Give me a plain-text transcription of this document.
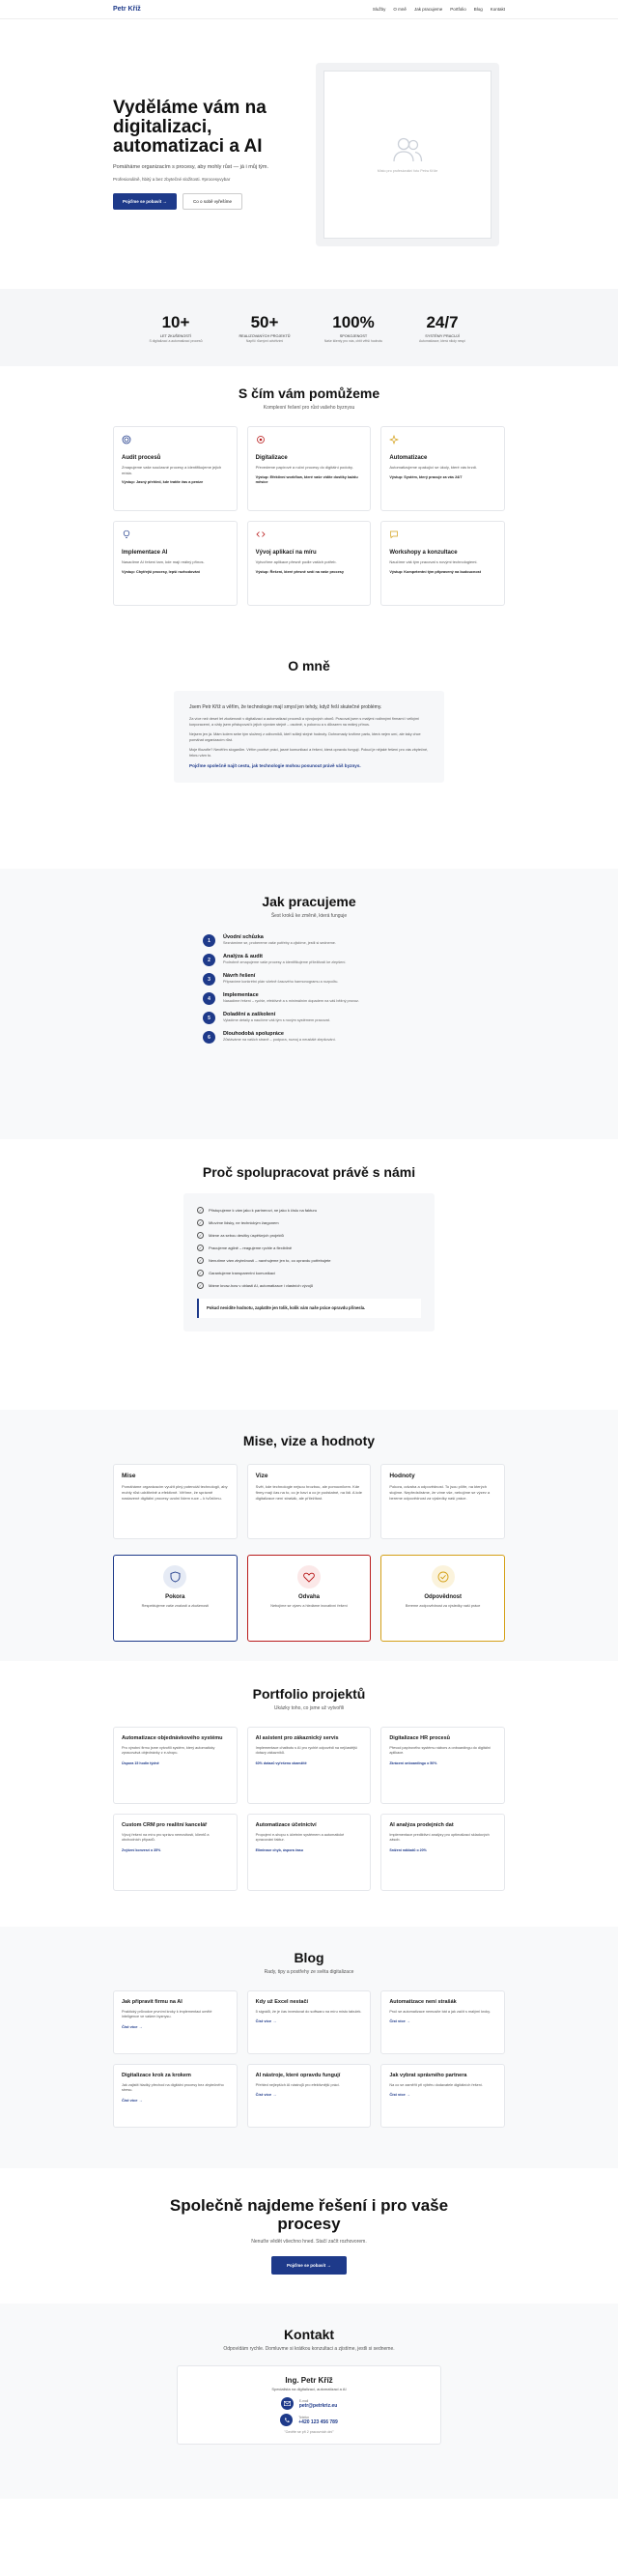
Petr Kříž	Služby O mně Jak pracujeme Portfolio Blog Kontakt
Vyděláme vám na digitalizaci, automatizaci a AI

Pomáháme organizacím s procesy, aby mohly růst — já i můj tým.

Profesionálně, hbitý a bez zbytečné složitosti. #procesyvybar

Pojďme se pobavit →	Co o sobě vyřešíme
Místo pro profesionální foto Petra Kříže
10+
LET ZKUŠENOSTÍ
S digitalizací a automatizací procesů
50+
REALIZOVANÝCH PROJEKTŮ
Napříč různými odvětvími
100%
SPOKOJENOST
Naše klienty pro nás, chtít větší hodnotu
24/7
SYSTÉMY PRACUJÍ
Automatizace, která nikdy nespí
S čím vám pomůžeme

Komplexní řešení pro růst vašeho byznysu

Audit procesů
Zmapujeme vaše současné procesy a identifikujeme jejich místa.
Výstup: Jasný přehled, kde tratíte čas a peníze
Digitalizace
Převedeme papírové a ruční procesy do digitální podoby.
Výstup: Efektivní workflow, které vaše vidíte dostiky každu měsíce
Automatizace
Automatizujeme opakující se úkoly, které vás brzdí.
Výstup: Systém, který pracuje za vás 24/7
Implementace AI
Nasadíme AI řešení tam, kde mají reálný přínos.
Výstup: Chytřejší procesy, lepší rozhodování
Vývoj aplikací na míru
Vytvoříme aplikace přesně podle vašich potřeb.
Výstup: Řešení, které přesně sedí na vaše procesy
Workshopy a konzultace
Naučíme váš tým pracovat s novými technologiemi.
Výstup: Kompetentní tým připravený na budoucnost
O mně

Jsem Petr Kříž a věřím, že technologie mají smysl jen tehdy, když řeší skutečné problémy.

Za více než deset let zkušeností v digitalizaci a automatizaci procesů a vývojových oborů. Pracoval jsem s malými rodinnými firmami i velkými korporacemi, a vždy jsem přistupoval k jejich výzvám stejně – osobně, s pokorou a s důrazem na reálný přínos.

Nejsem jen já. Mám kolem sebe tým složený z odborníků, kteří sdílejí stejné hodnoty. Dohromady tvoříme partu, která nejen umí, ale taky chce pomáhat organizacím růst.

Moje filozofie? Nevěřím sloganům. Věřím poctivé práci, jasné komunikaci a řešení, která opravdu fungují. Pokud je nějaké řešení pro vás zbytečné, řeknu vám to.

Pojďme společně najít cestu, jak technologie mohou posunout právě váš byznys.

Jak pracujeme

Šest kroků ke změně, která funguje

1
Úvodní schůzka
Seznámíme se, probereme vaše potřeby a zjistíme, jestli si sedneme.
2
Analýza & audit
Podrobně zmapujeme vaše procesy a identifikujeme příležitosti ke zlepšení.
3
Návrh řešení
Připravíme konkrétní plán včetně časového harmonogramu a rozpočtu.
4
Implementace
Nasadíme řešení – rychle, efektivně a s minimálním dopadem na váš běžný provoz.
5
Doladění a zaškolení
Vyladíme detaily a naučíme váš tým s novým systémem pracovat.
6
Dlouhodobá spolupráce
Zůstáváme na vašich straně – podpora, rozvoj a neustálé zlepšování.
Proč spolupracovat právě s námi
✓	Přistupujeme k vám jako k partnerovi, ne jako k číslu na fakturu
✓	Mluvíme lidsky, ne technickým žargonem
✓	Máme za sebou desítky úspěšných projektů
✓	Pracujeme agilně – reagujeme rychle a flexibilně
✓	Nenutíme vám zbytečnosti – navrhujeme jen to, co opravdu potřebujete
✓	Garantujeme transparentní komunikaci
✓	Máme know-how v oblasti AI, automatizace i vlastních vývojů
Pokud nevidíte hodnotu, zaplatíte jen tolik, kolik vám naše práce opravdu přinesla.
Mise, vize a hodnoty
Mise
Pomáháme organizacím využít plný potenciál technologií, aby mohly růst udržitelně a efektivně. Věříme, že správně nastavené digitální procesy uvolní lidem ruce – k tvůrčímu.
Vize
Svět, kde technologie nejsou hrozbou, ale pomocníkem. Kde firmy mají čas na to, co je baví a co je podstatné, na lidi. A kde digitalizace není strašák, ale příležitost.
Hodnoty
Pokora, odvaha a odpovědnost. To jsou pilíře, na kterých stojíme. Nepředstíráme, že víme vše, nebojíme se výzev a bereme odpovědnost za výsledky naší práce.
Pokora
Respektujeme vaše znalosti a zkušenosti
Odvaha
Nebojíme se výzev a hledáme inovativní řešení
Odpovědnost
Bereme zodpovědnost za výsledky naší práce
Portfolio projektů

Ukázky toho, co jsme už vytvořili

Automatizace objednávkového systému
Pro výrobní firmu jsme vytvořili systém, který automaticky zpracovává objednávky z e-shopu.
Úspora 15 hodin týdně
AI asistent pro zákaznický servis
Implementace chatbotu s AI pro rychlé odpovědi na nejčastější dotazy zákazníků.
60% dotazů vyřešeno okamžitě
Digitalizace HR procesů
Převod papírového systému nábors a onboardingu do digitální aplikace.
Zkrácení onboardingu o 50%
Custom CRM pro realitní kancelář
Vývoj řešení na míru pro správu nemovitostí, klientů a obchodních případů.
Zvýšení konverzí o 35%
Automatizace účetnictví
Propojení e-shopu s účetním systémem a automatické zpracování faktur.
Eliminace chyb, úspora času
AI analýza prodejních dat
Implementace prediktivní analýzy pro optimalizaci skladových zásob.
Snížení nákladů o 20%
Blog

Rady, tipy a postřehy ze světa digitalizace

Jak připravit firmu na AI
Praktický průvodce prvními kroky k implementaci umělé inteligence ve vašem byznysu.
Číst více →
Kdy už Excel nestačí
5 signálů, že je čas investovat do softwaru na míru místo tabulek.
Číst více →
Automatizace není strašák
Proč se automatizace nemusíte bát a jak začít s malými kroky.
Číst více →
Digitalizace krok za krokem
Jak zajistit hladký přechod na digitální procesy bez zbytečného stresu.
Číst více →
AI nástroje, které opravdu fungují
Přehled nejlepších AI nástrojů pro efektivnější práci.
Číst více →
Jak vybrat správného partnera
Na co se zaměřit při výběru dodavatele digitálních řešení.
Číst více →
Společně najdeme řešení i pro vaše procesy

Nenuťte vědět všechno hned. Stačí začít rozhovorem.

Pojďme se pobavit →
Kontakt

Odpovídám rychle. Domluvme si krátkou konzultaci a zjistíme, jestli si sedneme.

Ing. Petr Kříž
Specialista na digitalizaci, automatizaci a AI
E-mail
petr@petrkriz.eu
Telefon
+420 123 456 789
"Ozvěte se při 2 pracovních dní"
